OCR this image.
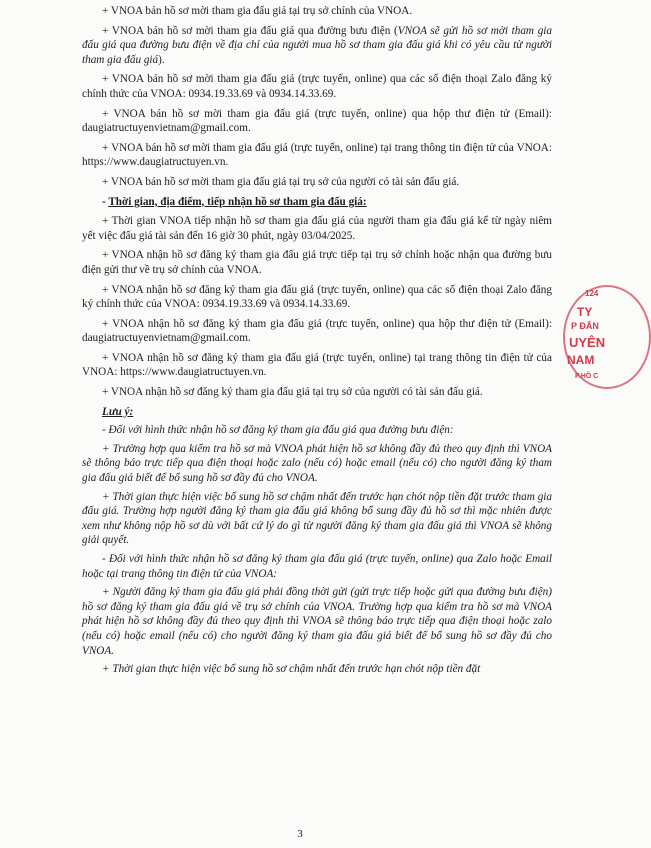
+ VNOA bán hồ sơ mời tham gia đấu giá tại trụ sở chính của VNOA.

+ VNOA bán hồ sơ mời tham gia đấu giá qua đường bưu điện (VNOA sẽ gửi hồ sơ mời tham gia đấu giá qua đường bưu điện về địa chỉ của người mua hồ sơ tham gia đấu giá khi có yêu cầu từ người tham gia đấu giá).

+ VNOA bán hồ sơ mời tham gia đấu giá (trực tuyến, online) qua các số điện thoại Zalo đăng ký chính thức của VNOA: 0934.19.33.69 và 0934.14.33.69.

+ VNOA bán hồ sơ mời tham gia đấu giá (trực tuyến, online) qua hộp thư điện tử (Email): daugiatructuyenvietnam@gmail.com.

+ VNOA bán hồ sơ mời tham gia đấu giá (trực tuyến, online) tại trang thông tin điện tử của VNOA: https://www.daugiatructuyen.vn.

+ VNOA bán hồ sơ mời tham gia đấu giá tại trụ sở của người có tài sản đấu giá.

- Thời gian, địa điểm, tiếp nhận hồ sơ tham gia đấu giá:

+ Thời gian VNOA tiếp nhận hồ sơ tham gia đấu giá của người tham gia đấu giá kể từ ngày niêm yết việc đấu giá tài sản đến 16 giờ 30 phút, ngày 03/04/2025.

+ VNOA nhận hồ sơ đăng ký tham gia đấu giá trực tiếp tại trụ sở chính hoặc nhận qua đường bưu điện gửi thư về trụ sở chính của VNOA.

+ VNOA nhận hồ sơ đăng ký tham gia đấu giá (trực tuyến, online) qua các số điện thoại Zalo đăng ký chính thức của VNOA: 0934.19.33.69 và 0934.14.33.69.

+ VNOA nhận hồ sơ đăng ký tham gia đấu giá (trực tuyến, online) qua hộp thư điện tử (Email): daugiatructuyenvietnam@gmail.com.

+ VNOA nhận hồ sơ đăng ký tham gia đấu giá (trực tuyến, online) tại trang thông tin điện tử của VNOA: https://www.daugiatructuyen.vn.

+ VNOA nhận hồ sơ đăng ký tham gia đấu giá tại trụ sở của người có tài sản đấu giá.

Lưu ý:

- Đối với hình thức nhận hồ sơ đăng ký tham gia đấu giá qua đường bưu điện:

+ Trường hợp qua kiểm tra hồ sơ mà VNOA phát hiện hồ sơ không đầy đủ theo quy định thì VNOA sẽ thông báo trực tiếp qua điện thoại hoặc zalo (nếu có) hoặc email (nếu có) cho người đăng ký tham gia đấu giá biết để bổ sung hồ sơ đầy đủ cho VNOA.

+ Thời gian thực hiện việc bổ sung hồ sơ chậm nhất đến trước hạn chót nộp tiền đặt trước tham gia đấu giá. Trường hợp người đăng ký tham gia đấu giá không bổ sung đầy đủ hồ sơ thì mặc nhiên được xem như không nộp hồ sơ dù với bất cứ lý do gì từ người đăng ký tham gia đấu giá thì VNOA sẽ không giải quyết.

- Đối với hình thức nhận hồ sơ đăng ký tham gia đấu giá (trực tuyến, online) qua Zalo hoặc Email hoặc tại trang thông tin điện tử của VNOA:

+ Người đăng ký tham gia đấu giá phải đồng thời gửi (gửi trực tiếp hoặc gửi qua đường bưu điện) hồ sơ đăng ký tham gia đấu giá về trụ sở chính của VNOA. Trường hợp qua kiểm tra hồ sơ mà VNOA phát hiện hồ sơ không đầy đủ theo quy định thì VNOA sẽ thông báo trực tiếp qua điện thoại hoặc zalo (nếu có) hoặc email (nếu có) cho người đăng ký tham gia đấu giá biết để bổ sung hồ sơ đầy đủ cho VNOA.

+ Thời gian thực hiện việc bổ sung hồ sơ chậm nhất đến trước hạn chót nộp tiền đặt

124
TY
P ĐẤN
UYÊN
NAM
P.HỒ C
3
